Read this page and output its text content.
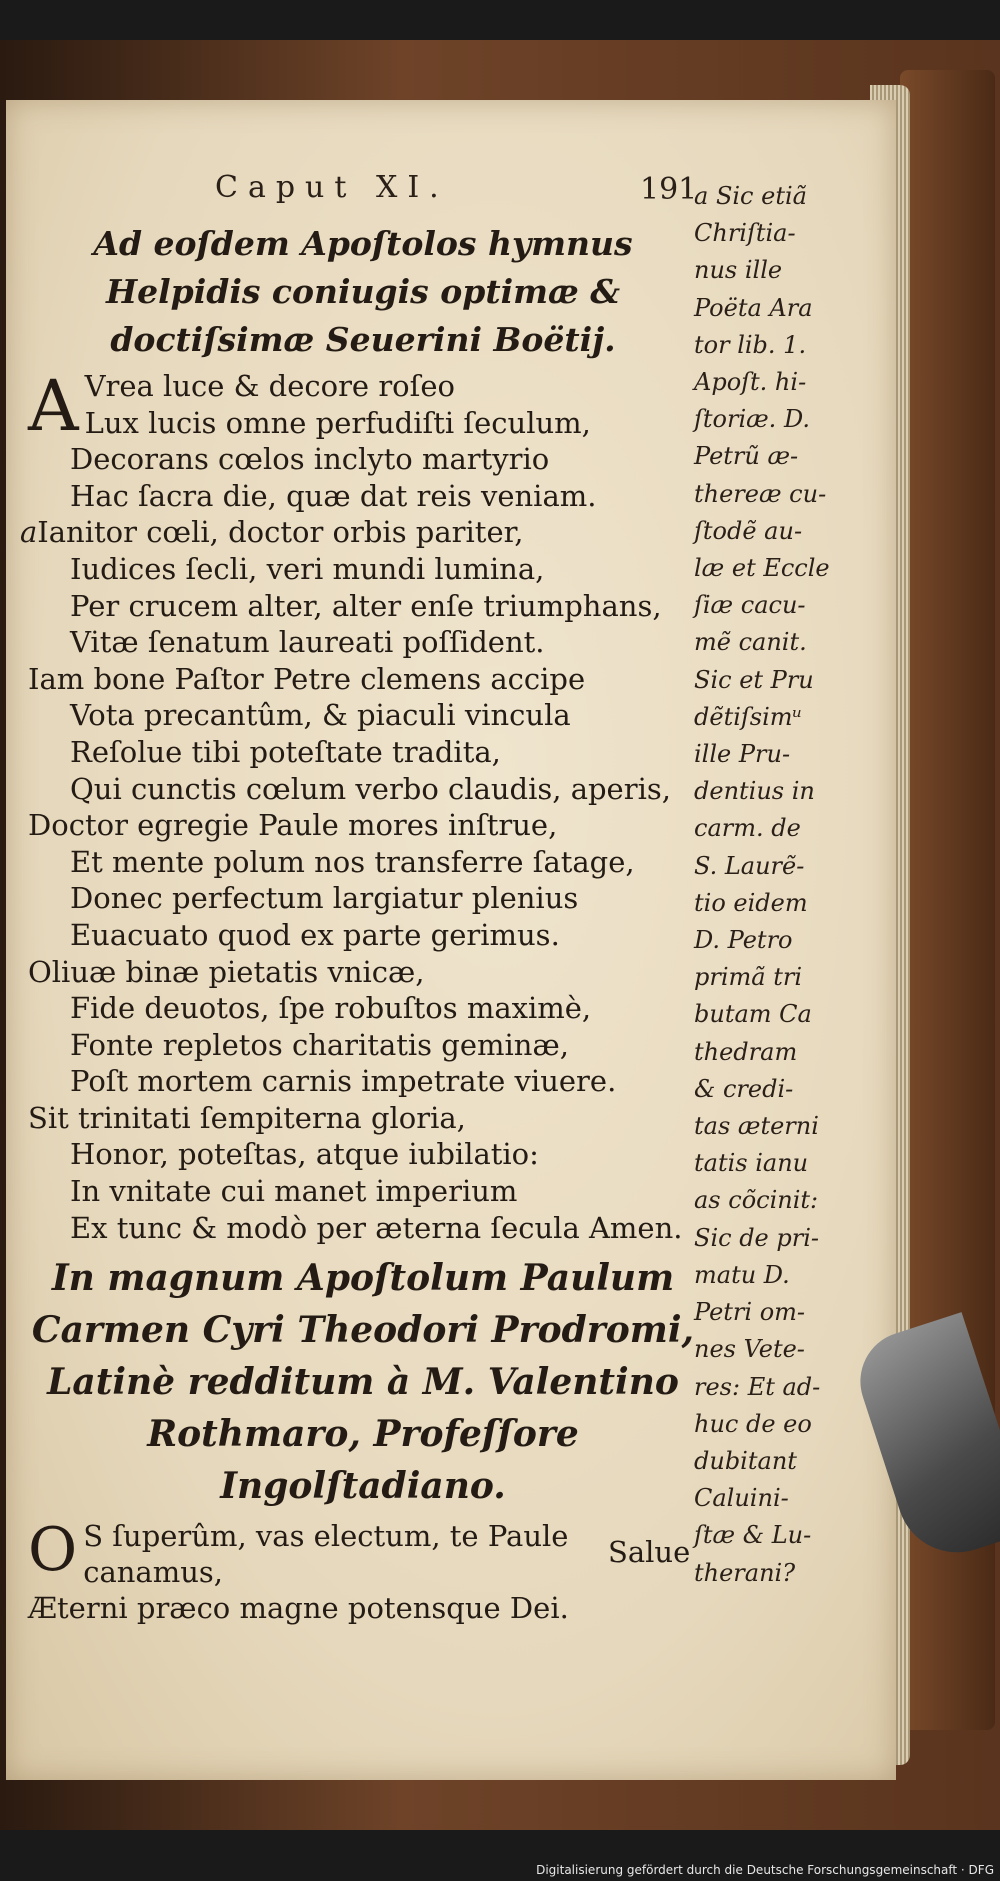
Caput XI.	191
Ad eoſdem Apoſtolos hymnus Helpidis coniugis optimæ & doctiſsimæ Seuerini Boëtij.
A Vrea luce & decore roſeo
Lux lucis omne perfudiſti ſeculum,
Decorans cœlos inclyto martyrio
Hac ſacra die, quæ dat reis veniam.
aIanitor cœli, doctor orbis pariter,
Iudices ſecli, veri mundi lumina,
Per crucem alter, alter enſe triumphans,
Vitæ ſenatum laureati poſſident.
Iam bone Paſtor Petre clemens accipe
Vota precantûm, & piaculi vincula
Reſolue tibi poteſtate tradita,
Qui cunctis cœlum verbo claudis, aperis,
Doctor egregie Paule mores inſtrue,
Et mente polum nos transferre ſatage,
Donec perfectum largiatur plenius
Euacuato quod ex parte gerimus.
Oliuæ binæ pietatis vnicæ,
Fide deuotos, ſpe robuſtos maximè,
Fonte repletos charitatis geminæ,
Poſt mortem carnis impetrate viuere.
Sit trinitati ſempiterna gloria,
Honor, poteſtas, atque iubilatio:
In vnitate cui manet imperium
Ex tunc & modò per æterna ſecula Amen.
In magnum Apoſtolum Paulum Carmen Cyri Theodori Prodromi, Latinè redditum à M. Valentino Rothmaro, Profeſſore Ingolſtadiano.
O S ſuperûm, vas electum, te Paule canamus,
Æterni præco magne potensque Dei.
Salue
a Sic etiã
Chriſtia-
nus ille
Poëta Ara
tor lib. 1.
Apoſt. hi-
ſtoriæ. D.
Petrũ æ-
thereæ cu-
ſtodẽ au-
læ et Eccle
ſiæ cacu-
mẽ canit.
Sic et Pru
dẽtiſsimᵘ
ille Pru-
dentius in
carm. de
S. Laurẽ-
tio eidem
D. Petro
primã tri
butam Ca
thedram
& credi-
tas æterni
tatis ianu
as cõcinit:
Sic de pri-
matu D.
Petri om-
nes Vete-
res: Et ad-
huc de eo
dubitant
Caluini-
ſtæ & Lu-
therani?
Digitalisierung gefördert durch die Deutsche Forschungsgemeinschaft · DFG
